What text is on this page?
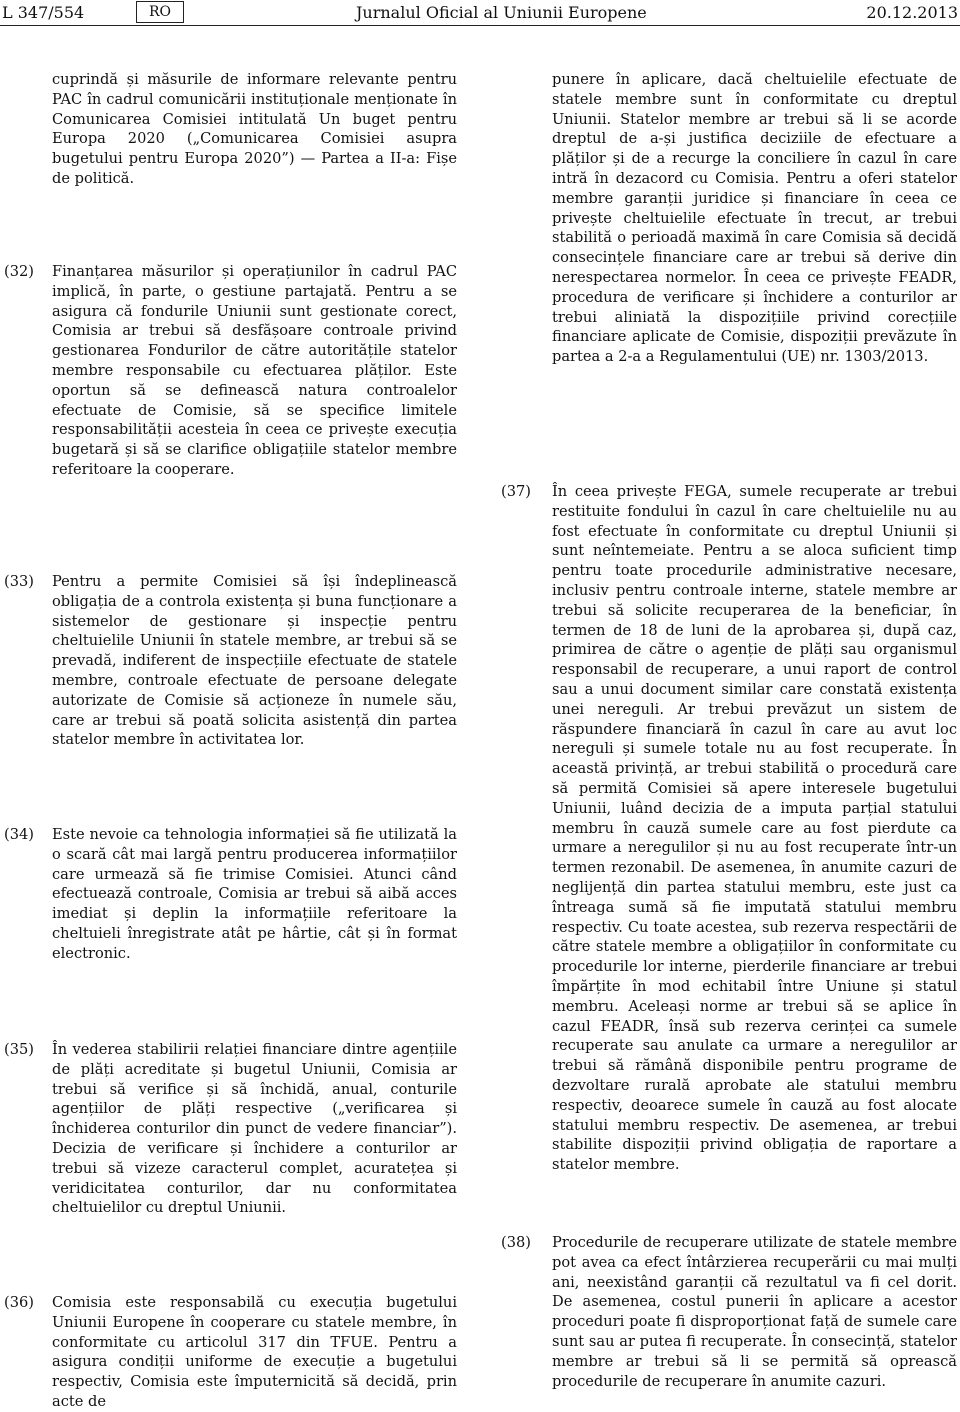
L 347/554	RO	Jurnalul Oficial al Uniunii Europene	20.12.2013
cuprindă și măsurile de informare relevante pentru PAC în cadrul comunicării instituționale menționate în Comunicarea Comisiei intitulată Un buget pentru Europa 2020 („Comunicarea Comisiei asupra bugetului pentru Europa 2020”) — Partea a II-a: Fișe de politică.
(32) Finanțarea măsurilor și operațiunilor în cadrul PAC implică, în parte, o gestiune partajată. Pentru a se asigura că fondurile Uniunii sunt gestionate corect, Comisia ar trebui să desfășoare controale privind gestionarea Fondurilor de către autoritățile statelor membre responsabile cu efectuarea plăților. Este oportun să se definească natura controalelor efectuate de Comisie, să se specifice limitele responsabilității acesteia în ceea ce privește execuția bugetară și să se clarifice obligațiile statelor membre referitoare la cooperare.
(33) Pentru a permite Comisiei să își îndeplinească obligația de a controla existența și buna funcționare a sistemelor de gestionare și inspecție pentru cheltuielile Uniunii în statele membre, ar trebui să se prevadă, indiferent de inspecțiile efectuate de statele membre, controale efectuate de persoane delegate autorizate de Comisie să acționeze în numele său, care ar trebui să poată solicita asistență din partea statelor membre în activitatea lor.
(34) Este nevoie ca tehnologia informației să fie utilizată la o scară cât mai largă pentru producerea informațiilor care urmează să fie trimise Comisiei. Atunci când efectuează controale, Comisia ar trebui să aibă acces imediat și deplin la informațiile referitoare la cheltuieli înregistrate atât pe hârtie, cât și în format electronic.
(35) În vederea stabilirii relației financiare dintre agențiile de plăți acreditate și bugetul Uniunii, Comisia ar trebui să verifice și să închidă, anual, conturile agențiilor de plăți respective („verificarea și închiderea conturilor din punct de vedere financiar”). Decizia de verificare și închidere a conturilor ar trebui să vizeze caracterul complet, acuratețea și veridicitatea conturilor, dar nu conformitatea cheltuielilor cu dreptul Uniunii.
(36) Comisia este responsabilă cu execuția bugetului Uniunii Europene în cooperare cu statele membre, în conformitate cu articolul 317 din TFUE. Pentru a asigura condiții uniforme de execuție a bugetului respectiv, Comisia este împuternicită să decidă, prin acte de
punere în aplicare, dacă cheltuielile efectuate de statele membre sunt în conformitate cu dreptul Uniunii. Statelor membre ar trebui să li se acorde dreptul de a-și justifica deciziile de efectuare a plăților și de a recurge la conciliere în cazul în care intră în dezacord cu Comisia. Pentru a oferi statelor membre garanții juridice și financiare în ceea ce privește cheltuielile efectuate în trecut, ar trebui stabilită o perioadă maximă în care Comisia să decidă consecințele financiare care ar trebui să derive din nerespectarea normelor. În ceea ce privește FEADR, procedura de verificare și închidere a conturilor ar trebui aliniată la dispozițiile privind corecțiile financiare aplicate de Comisie, dispoziții prevăzute în partea a 2-a a Regulamentului (UE) nr. 1303/2013.
(37) În ceea privește FEGA, sumele recuperate ar trebui restituite fondului în cazul în care cheltuielile nu au fost efectuate în conformitate cu dreptul Uniunii și sunt neîntemeiate. Pentru a se aloca suficient timp pentru toate procedurile administrative necesare, inclusiv pentru controale interne, statele membre ar trebui să solicite recuperarea de la beneficiar, în termen de 18 de luni de la aprobarea și, după caz, primirea de către o agenție de plăți sau organismul responsabil de recuperare, a unui raport de control sau a unui document similar care constată existența unei nereguli. Ar trebui prevăzut un sistem de răspundere financiară în cazul în care au avut loc nereguli și sumele totale nu au fost recuperate. În această privință, ar trebui stabilită o procedură care să permită Comisiei să apere interesele bugetului Uniunii, luând decizia de a imputa parțial statului membru în cauză sumele care au fost pierdute ca urmare a neregulilor și nu au fost recuperate într-un termen rezonabil. De asemenea, în anumite cazuri de neglijență din partea statului membru, este just ca întreaga sumă să fie imputată statului membru respectiv. Cu toate acestea, sub rezerva respectării de către statele membre a obligațiilor în conformitate cu procedurile lor interne, pierderile financiare ar trebui împărțite în mod echitabil între Uniune și statul membru. Aceleași norme ar trebui să se aplice în cazul FEADR, însă sub rezerva cerinței ca sumele recuperate sau anulate ca urmare a neregulilor ar trebui să rămână disponibile pentru programe de dezvoltare rurală aprobate ale statului membru respectiv, deoarece sumele în cauză au fost alocate statului membru respectiv. De asemenea, ar trebui stabilite dispoziții privind obligația de raportare a statelor membre.
(38) Procedurile de recuperare utilizate de statele membre pot avea ca efect întârzierea recuperării cu mai mulți ani, neexistând garanții că rezultatul va fi cel dorit. De asemenea, costul punerii în aplicare a acestor proceduri poate fi disproporționat față de sumele care sunt sau ar putea fi recuperate. În consecință, statelor membre ar trebui să li se permită să oprească procedurile de recuperare în anumite cazuri.
